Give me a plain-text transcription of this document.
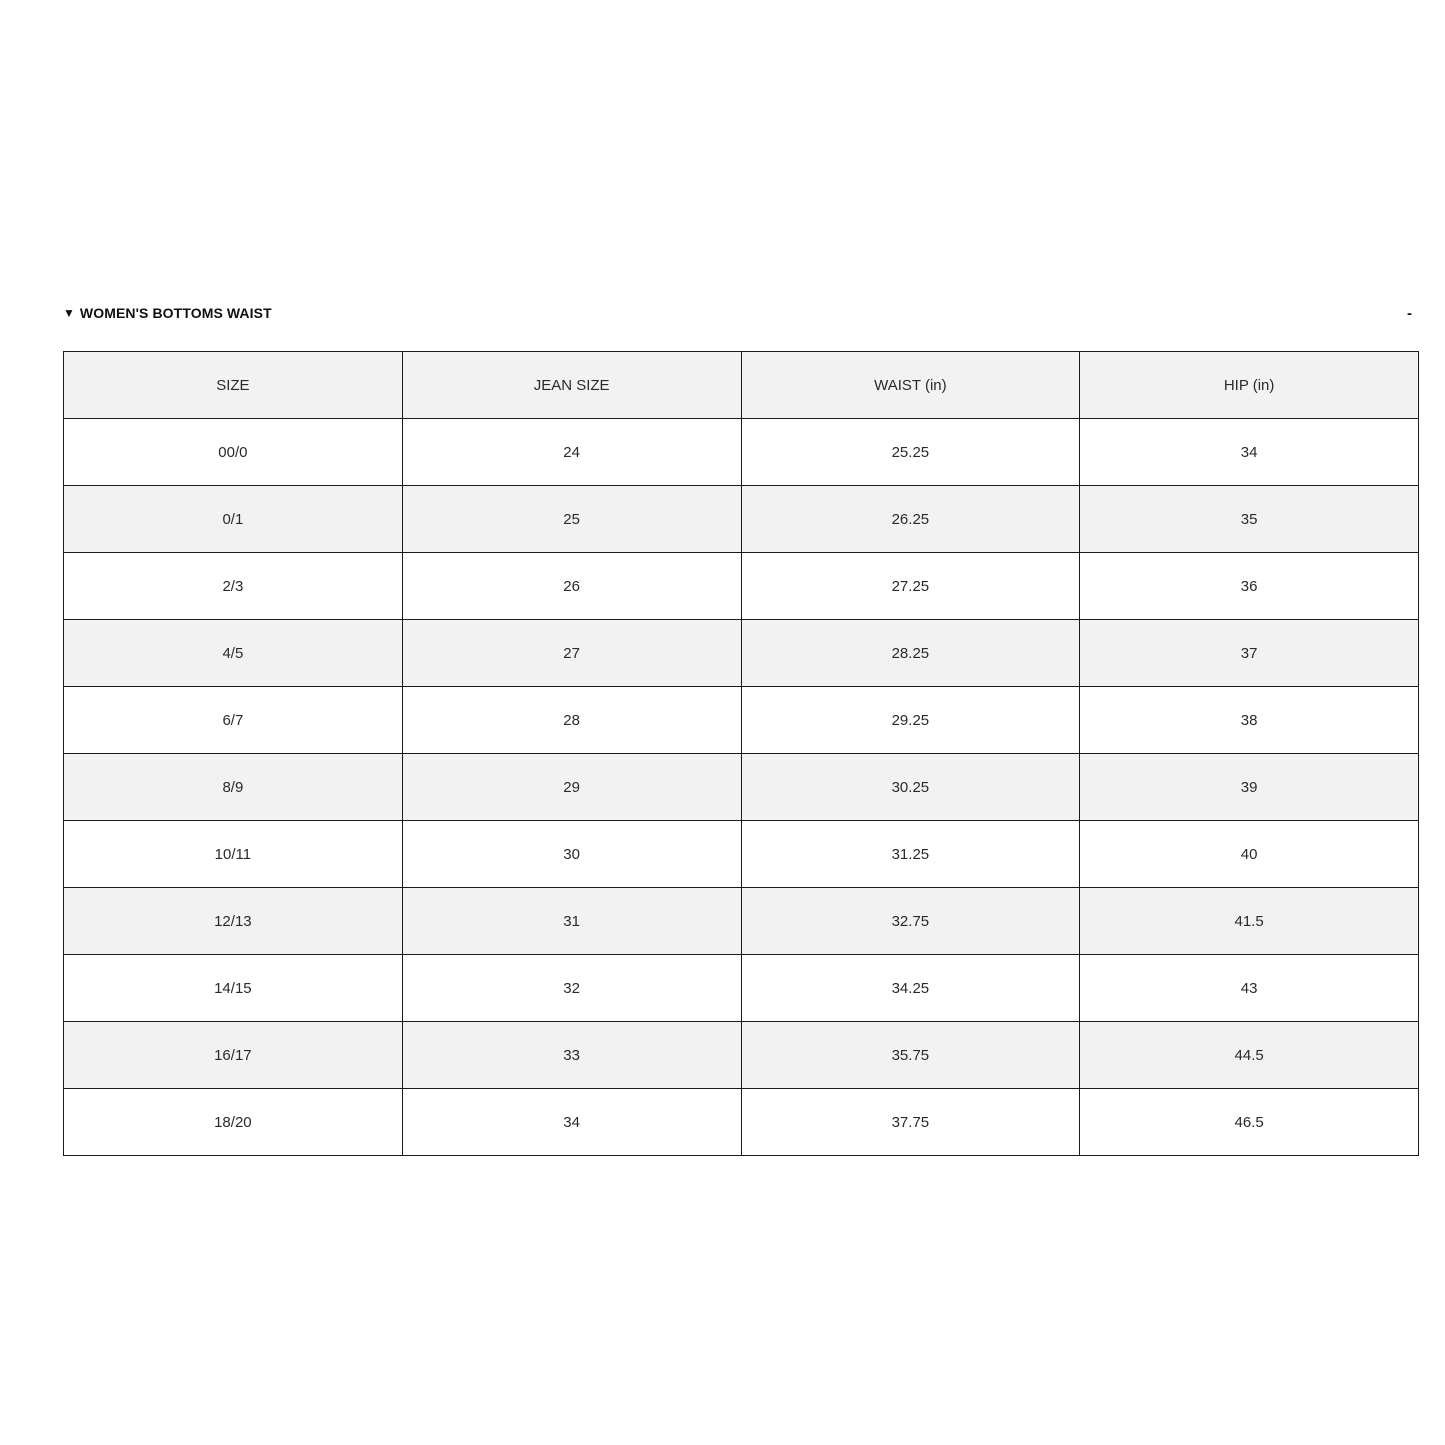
▼ WOMEN'S BOTTOMS WAIST	-
SIZE	JEAN SIZE	WAIST (in)	HIP (in)
00/0	24	25.25	34
0/1	25	26.25	35
2/3	26	27.25	36
4/5	27	28.25	37
6/7	28	29.25	38
8/9	29	30.25	39
10/11	30	31.25	40
12/13	31	32.75	41.5
14/15	32	34.25	43
16/17	33	35.75	44.5
18/20	34	37.75	46.5
